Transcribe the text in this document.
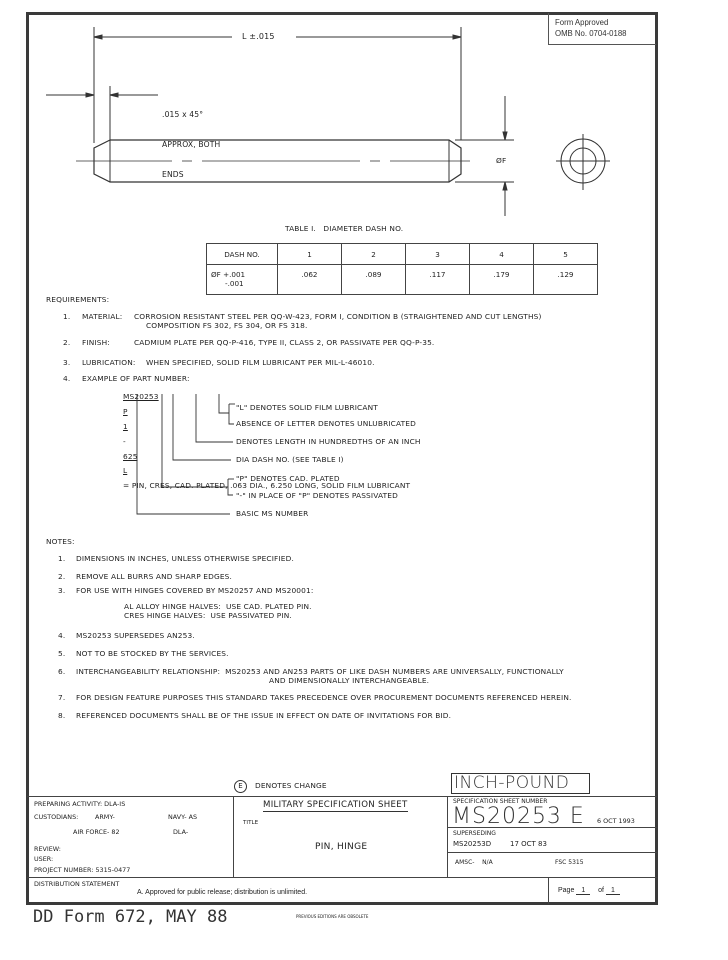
Form Approved
OMB No. 0704-0188
L ±.015

.015 x 45°

APPROX, BOTH

ENDS

ØF
TABLE I.   DIAMETER DASH NO.
DASH NO.	1	2	3	4	5

ØF +.001
-.001	.062	.089	.117	.179	.129
REQUIREMENTS:
1. MATERIAL: CORROSION RESISTANT STEEL PER QQ-W-423, FORM I, CONDITION B (STRAIGHTENED AND CUT LENGTHS)
COMPOSITION FS 302, FS 304, OR FS 318.
2. FINISH:	CADMIUM PLATE PER QQ-P-416, TYPE II, CLASS 2, OR PASSIVATE PER QQ-P-35.
3. LUBRICATION: WHEN SPECIFIED, SOLID FILM LUBRICANT PER MIL-L-46010.
4. EXAMPLE OF PART NUMBER:

MS20253

P

1

-

625

L

= PIN, CRES, CAD. PLATED, .063 DIA., 6.250 LONG, SOLID FILM LUBRICANT

"L" DENOTES SOLID FILM LUBRICANT
ABSENCE OF LETTER DENOTES UNLUBRICATED
DENOTES LENGTH IN HUNDREDTHS OF AN INCH
DIA DASH NO. (SEE TABLE I)
"P" DENOTES CAD. PLATED
"-" IN PLACE OF "P" DENOTES PASSIVATED
BASIC MS NUMBER
NOTES:
1. DIMENSIONS IN INCHES, UNLESS OTHERWISE SPECIFIED.
2. REMOVE ALL BURRS AND SHARP EDGES.
3. FOR USE WITH HINGES COVERED BY MS20257 AND MS20001:
AL ALLOY HINGE HALVES:  USE CAD. PLATED PIN.
CRES HINGE HALVES:  USE PASSIVATED PIN.
4. MS20253 SUPERSEDES AN253.
5. NOT TO BE STOCKED BY THE SERVICES.
6. INTERCHANGEABILITY RELATIONSHIP:  MS20253 AND AN253 PARTS OF LIKE DASH NUMBERS ARE UNIVERSALLY, FUNCTIONALLY
AND DIMENSIONALLY INTERCHANGEABLE.
7. FOR DESIGN FEATURE PURPOSES THIS STANDARD TAKES PRECEDENCE OVER PROCUREMENT DOCUMENTS REFERENCED HEREIN.
8. REFERENCED DOCUMENTS SHALL BE OF THE ISSUE IN EFFECT ON DATE OF INVITATIONS FOR BID.
E	DENOTES CHANGE	INCH-POUND
PREPARING ACTIVITY: DLA-IS
CUSTODIANS:	ARMY-	NAVY- AS
AIR FORCE- 82	DLA-
REVIEW:
USER:
PROJECT NUMBER: 5315-0477
MILITARY SPECIFICATION SHEET
TITLE
PIN, HINGE
SPECIFICATION SHEET NUMBER
MS20253 E 6 OCT 1993
SUPERSEDING
MS20253D	17 OCT 83
AMSC-    N/A	FSC 5315
DISTRIBUTION STATEMENT
A. Approved for public release; distribution is unlimited.	Page 1 of 1
DD Form 672, MAY 88	PREVIOUS EDITIONS ARE OBSOLETE
